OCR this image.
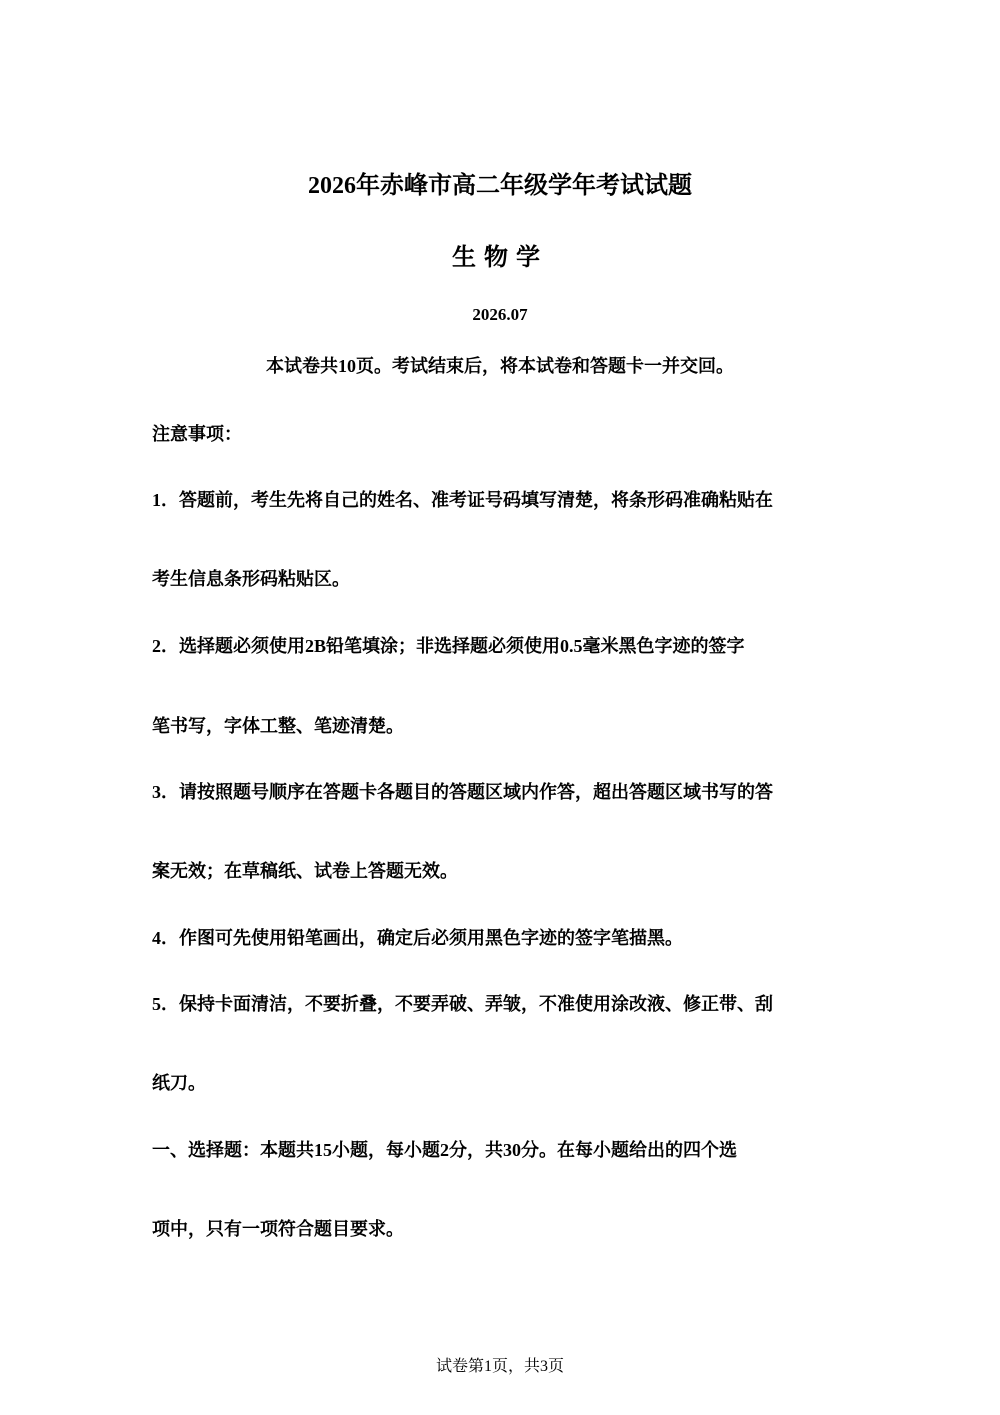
2026年赤峰市高二年级学年考试试题
生物学
2026.07
本试卷共10页。考试结束后，将本试卷和答题卡一并交回。
注意事项：
1．答题前，考生先将自己的姓名、准考证号码填写清楚，将条形码准确粘贴在
考生信息条形码粘贴区。
2．选择题必须使用2B铅笔填涂；非选择题必须使用0.5毫米黑色字迹的签字
笔书写，字体工整、笔迹清楚。
3．请按照题号顺序在答题卡各题目的答题区域内作答，超出答题区域书写的答
案无效；在草稿纸、试卷上答题无效。
4．作图可先使用铅笔画出，确定后必须用黑色字迹的签字笔描黑。
5．保持卡面清洁，不要折叠，不要弄破、弄皱，不准使用涂改液、修正带、刮
纸刀。
一、选择题：本题共15小题，每小题2分，共30分。在每小题给出的四个选
项中，只有一项符合题目要求。
试卷第1页，共3页
